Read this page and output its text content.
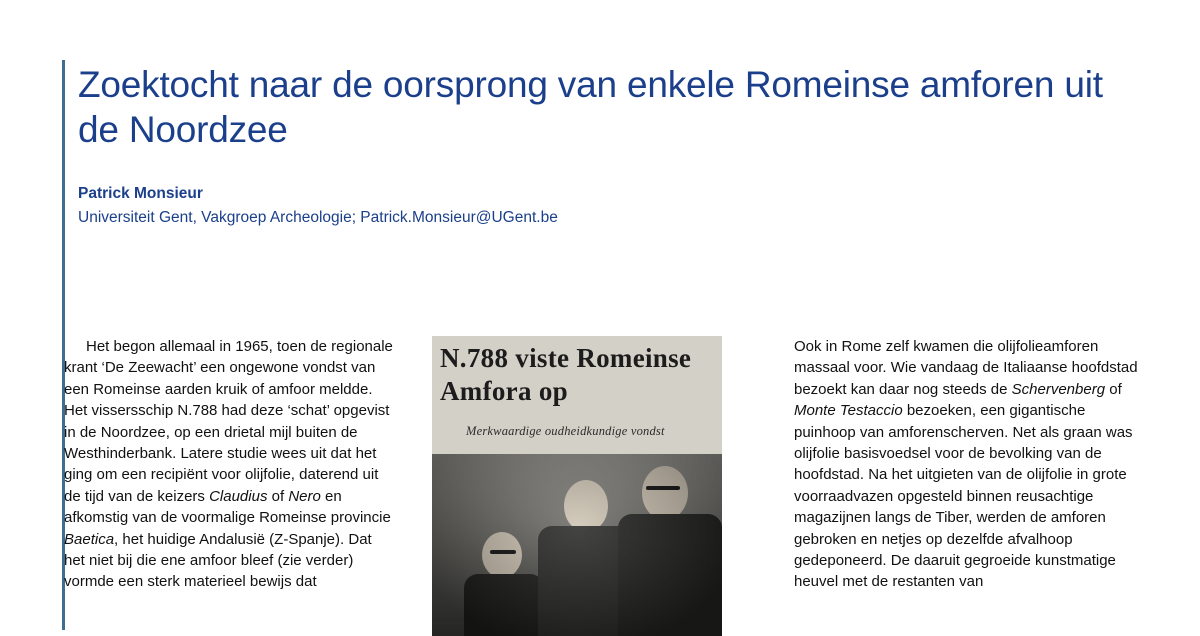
Zoektocht naar de oorsprong van enkele Romeinse amforen uit de Noordzee
Patrick Monsieur
Universiteit Gent, Vakgroep Archeologie; Patrick.Monsieur@UGent.be

Het begon allemaal in 1965, toen de regionale krant ‘De Zeewacht’ een ongewone vondst van een Romeinse aarden kruik of amfoor meldde. Het vissersschip N.788 had deze ‘schat’ opgevist in de Noordzee, op een drietal mijl buiten de Westhinderbank. Latere studie wees uit dat het ging om een recipiënt voor olijfolie, daterend uit de tijd van de keizers Claudius of Nero en afkomstig van de voormalige Romeinse provincie Baetica, het huidige Andalusië (Z-Spanje). Dat het niet bij die ene amfoor bleef (zie verder) vormde een sterk materieel bewijs dat

Ook in Rome zelf kwamen die olijfolieamforen massaal voor. Wie vandaag de Italiaanse hoofdstad bezoekt kan daar nog steeds de Schervenberg of Monte Testaccio bezoeken, een gigantische puinhoop van amforenscherven. Net als graan was olijfolie basisvoedsel voor de bevolking van de hoofdstad. Na het uitgieten van de olijfolie in grote voorraadvazen opgesteld binnen reusachtige magazijnen langs de Tiber, werden de amforen gebroken en netjes op dezelfde afvalhoop gedeponeerd. De daaruit gegroeide kunstmatige heuvel met de restanten van

N.788 viste Romeinse Amfora op
Merkwaardige oudheidkundige vondst
